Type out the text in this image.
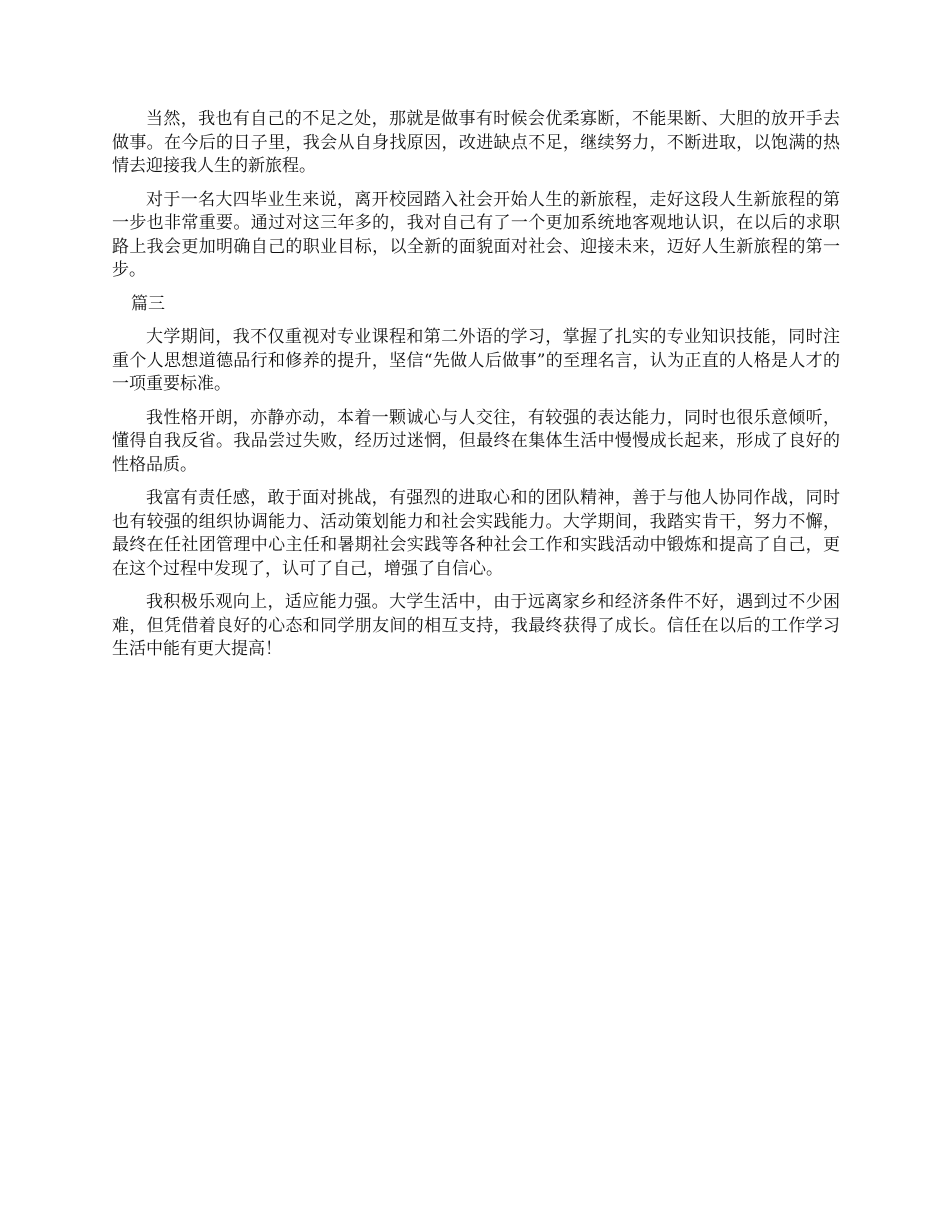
当然，我也有自己的不足之处，那就是做事有时候会优柔寡断，不能果断、大胆的放开手去做事。在今后的日子里，我会从自身找原因，改进缺点不足，继续努力，不断进取，以饱满的热情去迎接我人生的新旅程。

对于一名大四毕业生来说，离开校园踏入社会开始人生的新旅程，走好这段人生新旅程的第一步也非常重要。通过对这三年多的，我对自己有了一个更加系统地客观地认识，在以后的求职路上我会更加明确自己的职业目标，以全新的面貌面对社会、迎接未来，迈好人生新旅程的第一步。

篇三

大学期间，我不仅重视对专业课程和第二外语的学习，掌握了扎实的专业知识技能，同时注重个人思想道德品行和修养的提升，坚信“先做人后做事”的至理名言，认为正直的人格是人才的一项重要标准。

我性格开朗，亦静亦动，本着一颗诚心与人交往，有较强的表达能力，同时也很乐意倾听，懂得自我反省。我品尝过失败，经历过迷惘，但最终在集体生活中慢慢成长起来，形成了良好的性格品质。

我富有责任感，敢于面对挑战，有强烈的进取心和的团队精神，善于与他人协同作战，同时也有较强的组织协调能力、活动策划能力和社会实践能力。大学期间，我踏实肯干，努力不懈，最终在任社团管理中心主任和暑期社会实践等各种社会工作和实践活动中锻炼和提高了自己，更在这个过程中发现了，认可了自己，增强了自信心。

我积极乐观向上，适应能力强。大学生活中，由于远离家乡和经济条件不好，遇到过不少困难，但凭借着良好的心态和同学朋友间的相互支持，我最终获得了成长。信任在以后的工作学习生活中能有更大提高！
